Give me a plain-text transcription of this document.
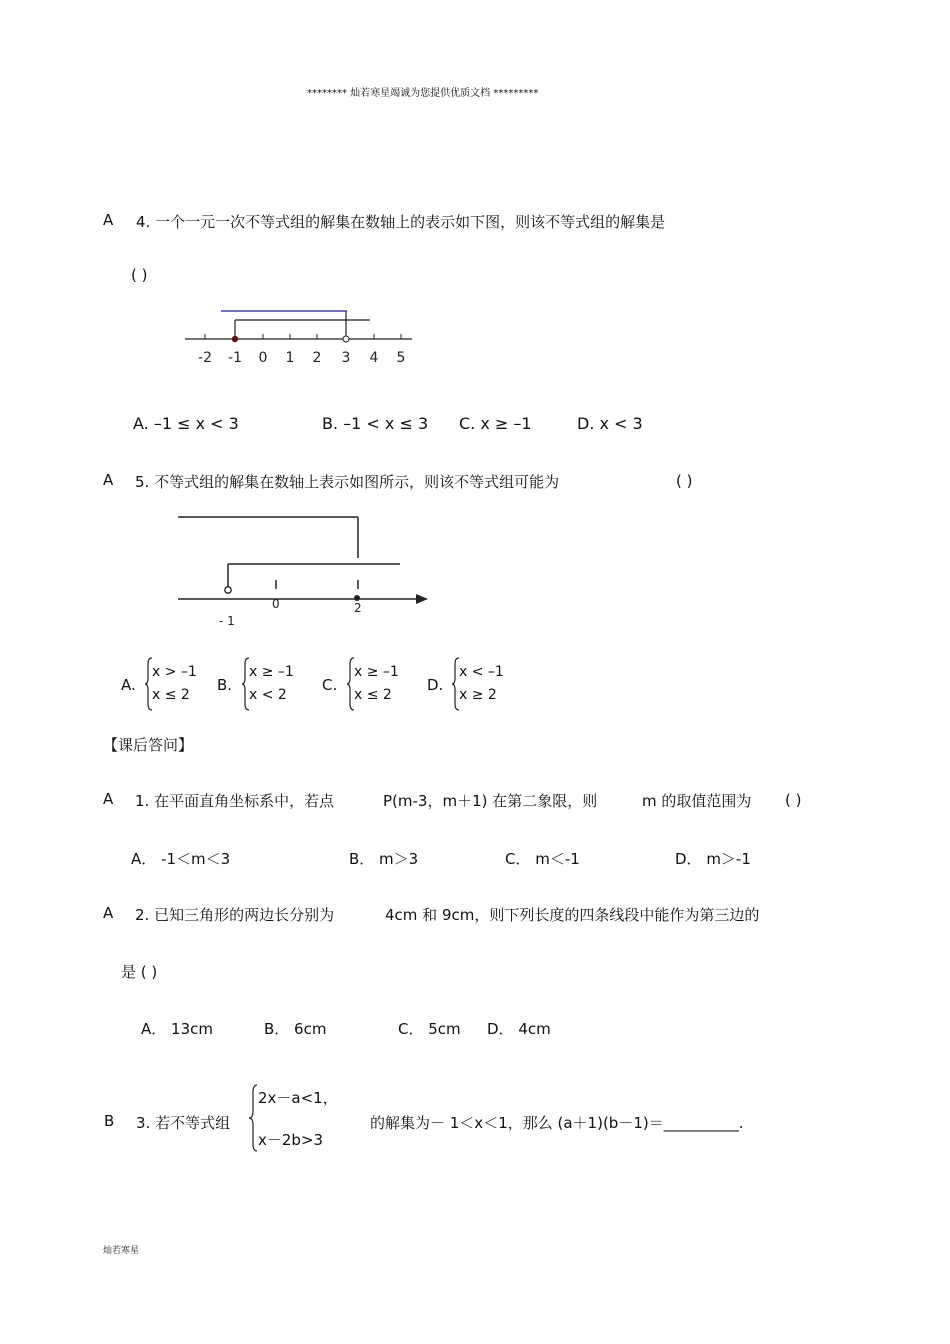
******** 灿若寒星竭诚为您提供优质文档 *********
A 4. 一个一元一次不等式组的解集在数轴上的表示如下图，则该不等式组的解集是
( )
-2 -1 0 1 2 3 4 5
A. –1 ≤ x < 3	B. –1 < x ≤ 3 C. x ≥ –1	D. x < 3
A 5. 不等式组的解集在数轴上表示如图所示，则该不等式组可能为	( )
- 1
0	2
A.
x > –1
x ≤ 2
B.
x ≥ –1
x < 2
C.
x ≥ –1
x ≤ 2
D.
x < –1
x ≥ 2
【课后答问】
A 1. 在平面直角坐标系中，若点	P(m-3，m＋1) 在第二象限，则	m 的取值范围为 ( )
A． -1＜m＜3	B． m＞3	C． m＜-1	D． m＞-1
A 2. 已知三角形的两边长分别为	4cm 和 9cm，则下列长度的四条线段中能作为第三边的
是 ( )
A． 13cm	B． 6cm	C． 5cm D． 4cm
B 3. 若不等式组
2x－a<1，
x－2b>3
的解集为－ 1＜x＜1，那么 (a＋1)(b－1)＝__________.
灿若寒星
